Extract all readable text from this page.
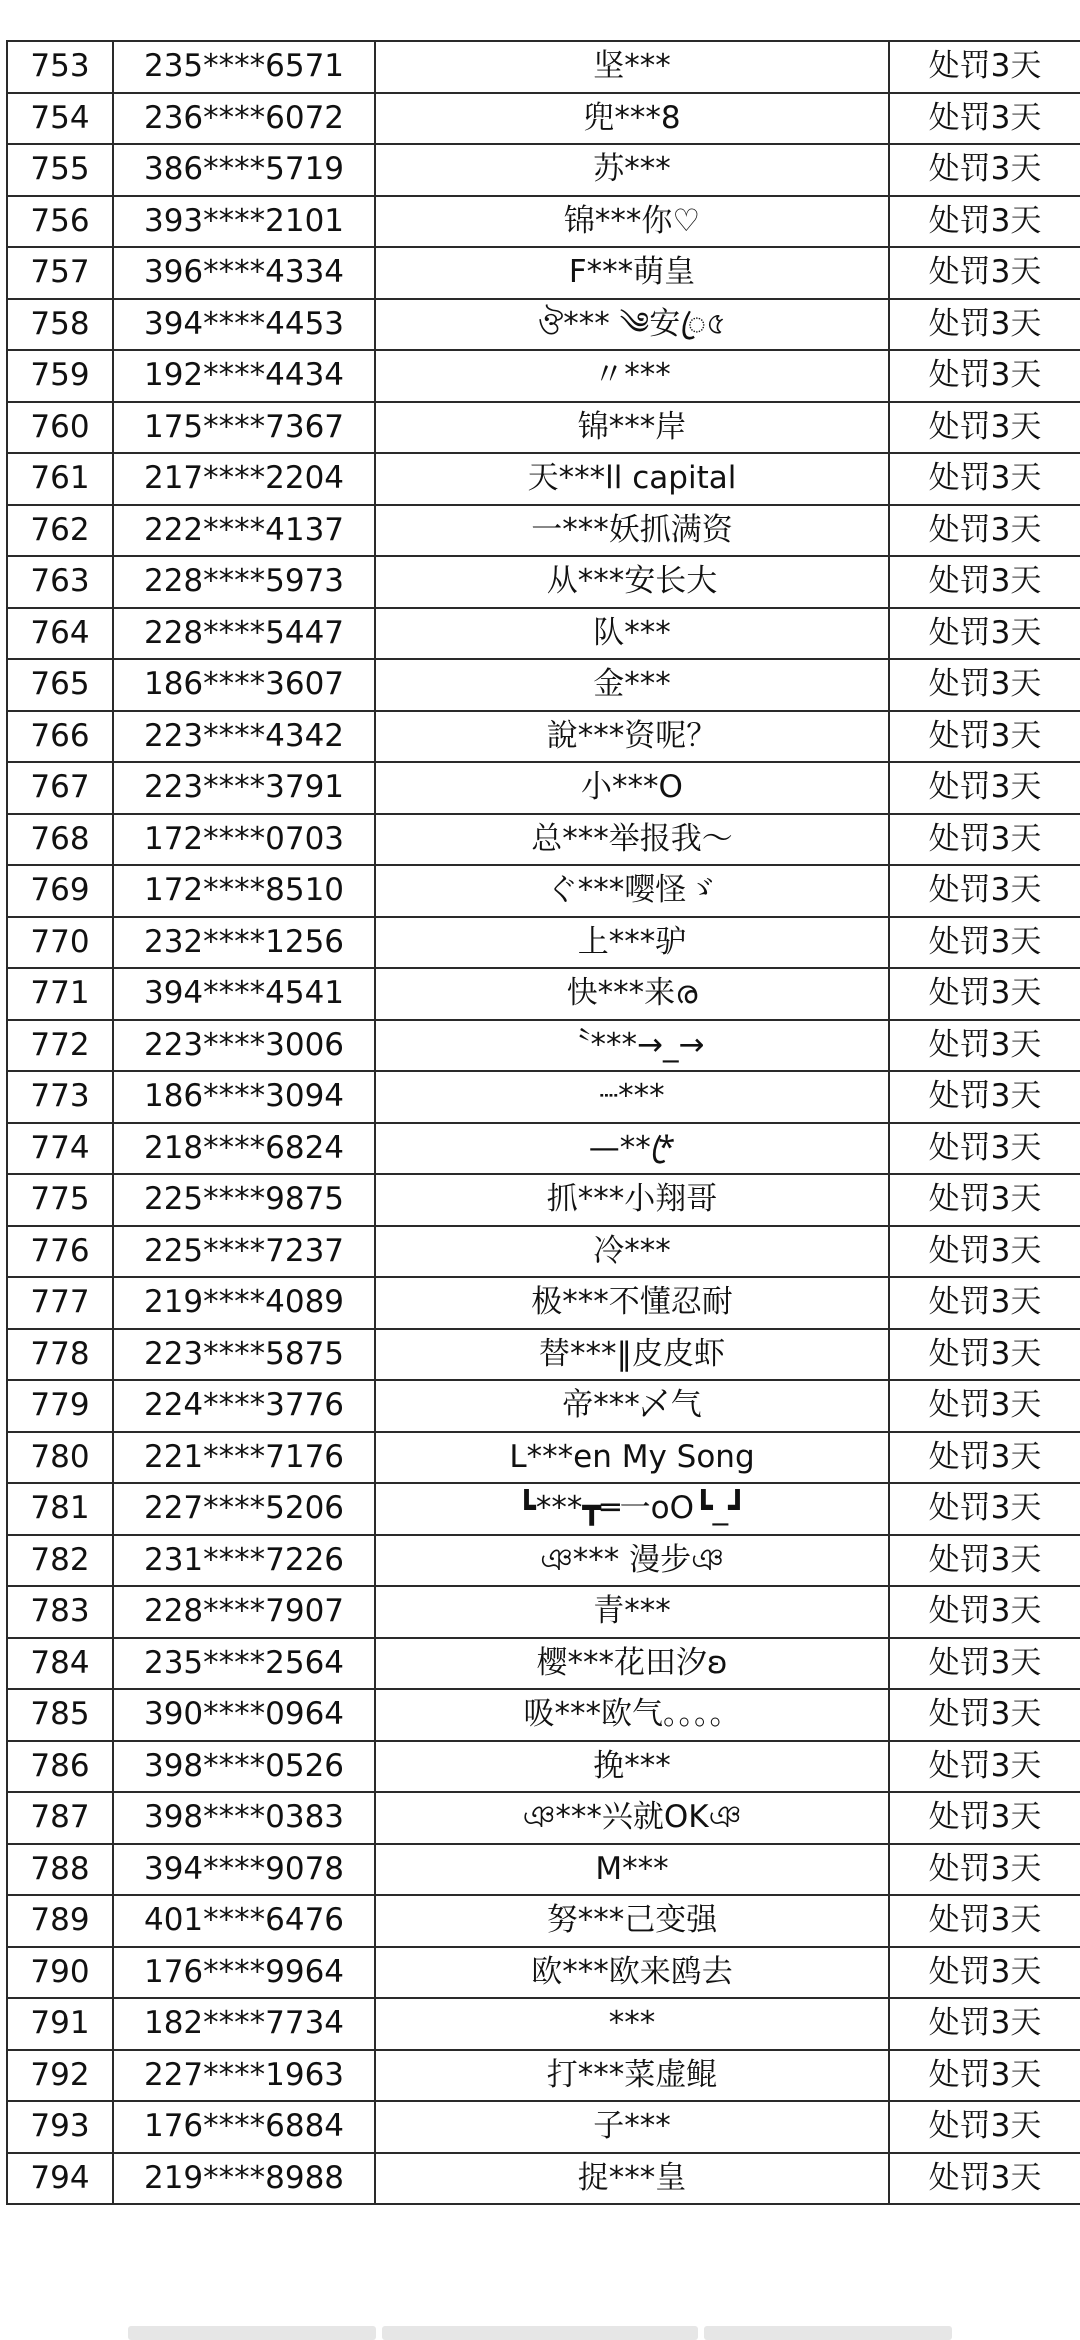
753	235****6571	坚***	处罚3天
754	236****6072	兜***8	处罚3天
755	386****5719	苏***	处罚3天
756	393****2101	锦***你♡	处罚3天
757	396****4334	F***萌皇	处罚3天
758	394****4453	ঔ*** ༄安ꦿ৫	处罚3天
759	192****4434	〃***	处罚3天
760	175****7367	锦***岸	处罚3天
761	217****2204	天***ll capital	处罚3天
762	222****4137	一***妖抓满资	处罚3天
763	228****5973	从***安长大	处罚3天
764	228****5447	队***	处罚3天
765	186****3607	金***	处罚3天
766	223****4342	說***资呢？	处罚3天
767	223****3791	小***O	处罚3天
768	172****0703	总***举报我～	处罚3天
769	172****8510	ぐ***嘤怪ゞ	处罚3天
770	232****1256	上***驴	处罚3天
771	394****4541	快***来ര	处罚3天
772	223****3006	〝***→_→	处罚3天
773	186****3094	┈***	处罚3天
774	218****6824	—***ꦿ	处罚3天
775	225****9875	抓***小翔哥	处罚3天
776	225****7237	冷***	处罚3天
777	219****4089	极***不懂忍耐	处罚3天
778	223****5875	替***‖皮皮虾	处罚3天
779	224****3776	帝***乄气	处罚3天
780	221****7176	L***en My Song	处罚3天
781	227****5206	┗***┳═一oO┗_┛	处罚3天
782	231****7226	ঞ*** 漫步ঞ	处罚3天
783	228****7907	青***	处罚3天
784	235****2564	樱***花田汐ʚ	处罚3天
785	390****0964	吸***欧气。。。。	处罚3天
786	398****0526	挽***	处罚3天
787	398****0383	ঞ***兴就OKঞ	处罚3天
788	394****9078	M***	处罚3天
789	401****6476	努***己变强	处罚3天
790	176****9964	欧***欧来鸥去	处罚3天
791	182****7734	***	处罚3天
792	227****1963	打***菜虚鲲	处罚3天
793	176****6884	子***	处罚3天
794	219****8988	捉***皇	处罚3天
